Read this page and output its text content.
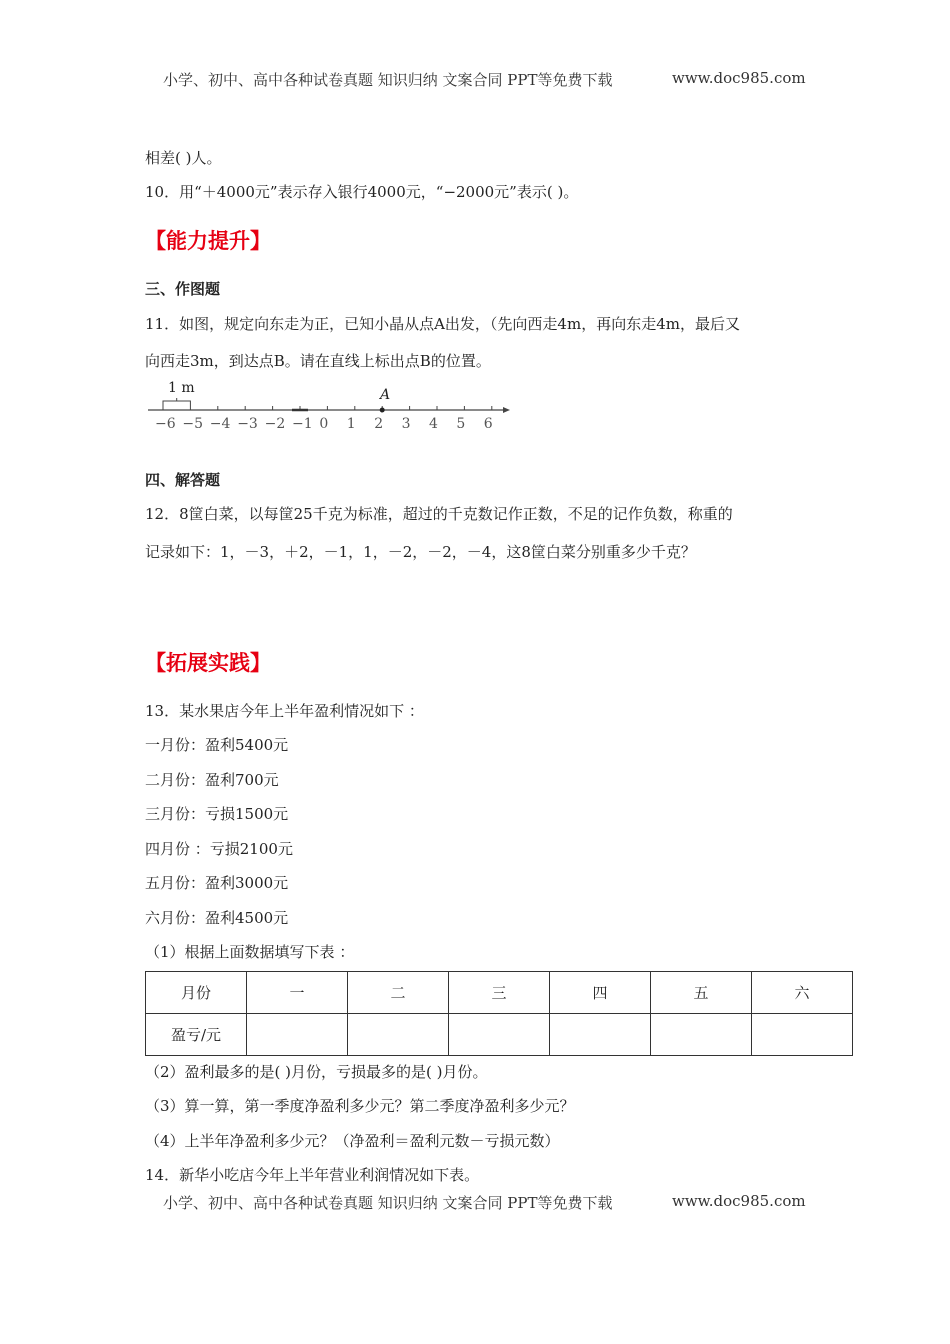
小学、初中、高中各种试卷真题 知识归纳 文案合同 PPT等免费下载	www.doc985.com
相差( )人。
10．用“＋4000元”表示存入银行4000元，“−2000元”表示( )。
【能力提升】
三、作图题
11．如图，规定向东走为正，已知小晶从点A出发，（先向西走4m，再向东走4m，最后又
向西走3m，到达点B。请在直线上标出点B的位置。
1 m	A
−6 −5 −4 −3 −2 −1 0 1 2 3 4 5 6
四、解答题
12．8筐白菜，以每筐25千克为标准，超过的千克数记作正数，不足的记作负数，称重的
记录如下：1，－3，＋2，－1，1，－2，－2，－4，这8筐白菜分别重多少千克？
【拓展实践】
13．某水果店今年上半年盈利情况如下 ：
一月份：盈利5400元
二月份：盈利700元
三月份：亏损1500元
四月份 ：亏损2100元
五月份：盈利3000元
六月份：盈利4500元
（1）根据上面数据填写下表 ：
月份	一	二	三	四	五	六
盈亏/元						
（2）盈利最多的是( )月份，亏损最多的是( )月份。
（3）算一算，第一季度净盈利多少元？第二季度净盈利多少元？
（4）上半年净盈利多少元？（净盈利＝盈利元数－亏损元数）
14．新华小吃店今年上半年营业利润情况如下表。
小学、初中、高中各种试卷真题 知识归纳 文案合同 PPT等免费下载	www.doc985.com
